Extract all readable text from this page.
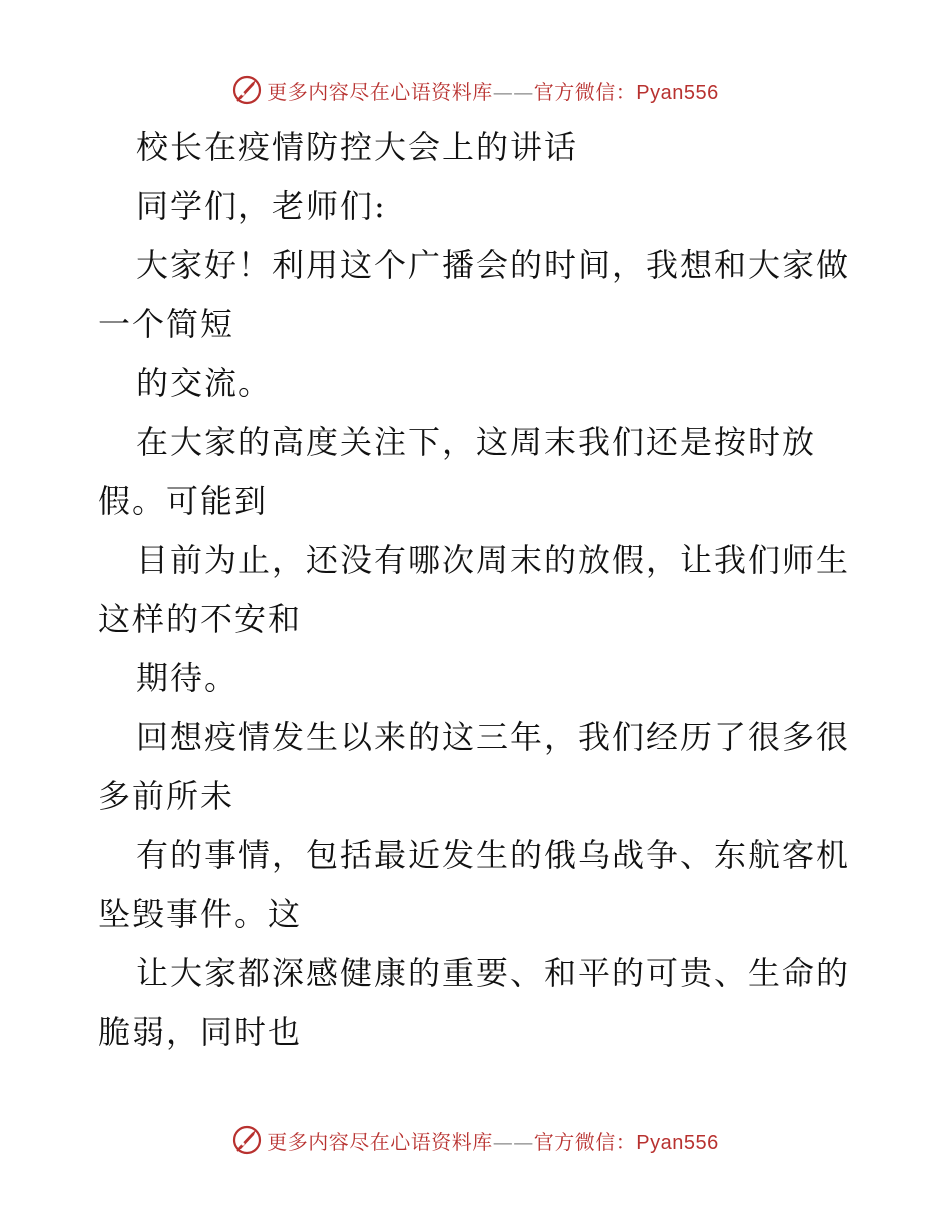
更多内容尽在心语资料库——官方微信：Pyan556
校长在疫情防控大会上的讲话
同学们，老师们:
大家好！利用这个广播会的时间，我想和大家做
一个简短
的交流。
在大家的高度关注下，这周末我们还是按时放
假。可能到
目前为止，还没有哪次周末的放假，让我们师生
这样的不安和
期待。
回想疫情发生以来的这三年，我们经历了很多很
多前所未
有的事情，包括最近发生的俄乌战争、东航客机
坠毁事件。这
让大家都深感健康的重要、和平的可贵、生命的
脆弱，同时也
更多内容尽在心语资料库——官方微信：Pyan556
